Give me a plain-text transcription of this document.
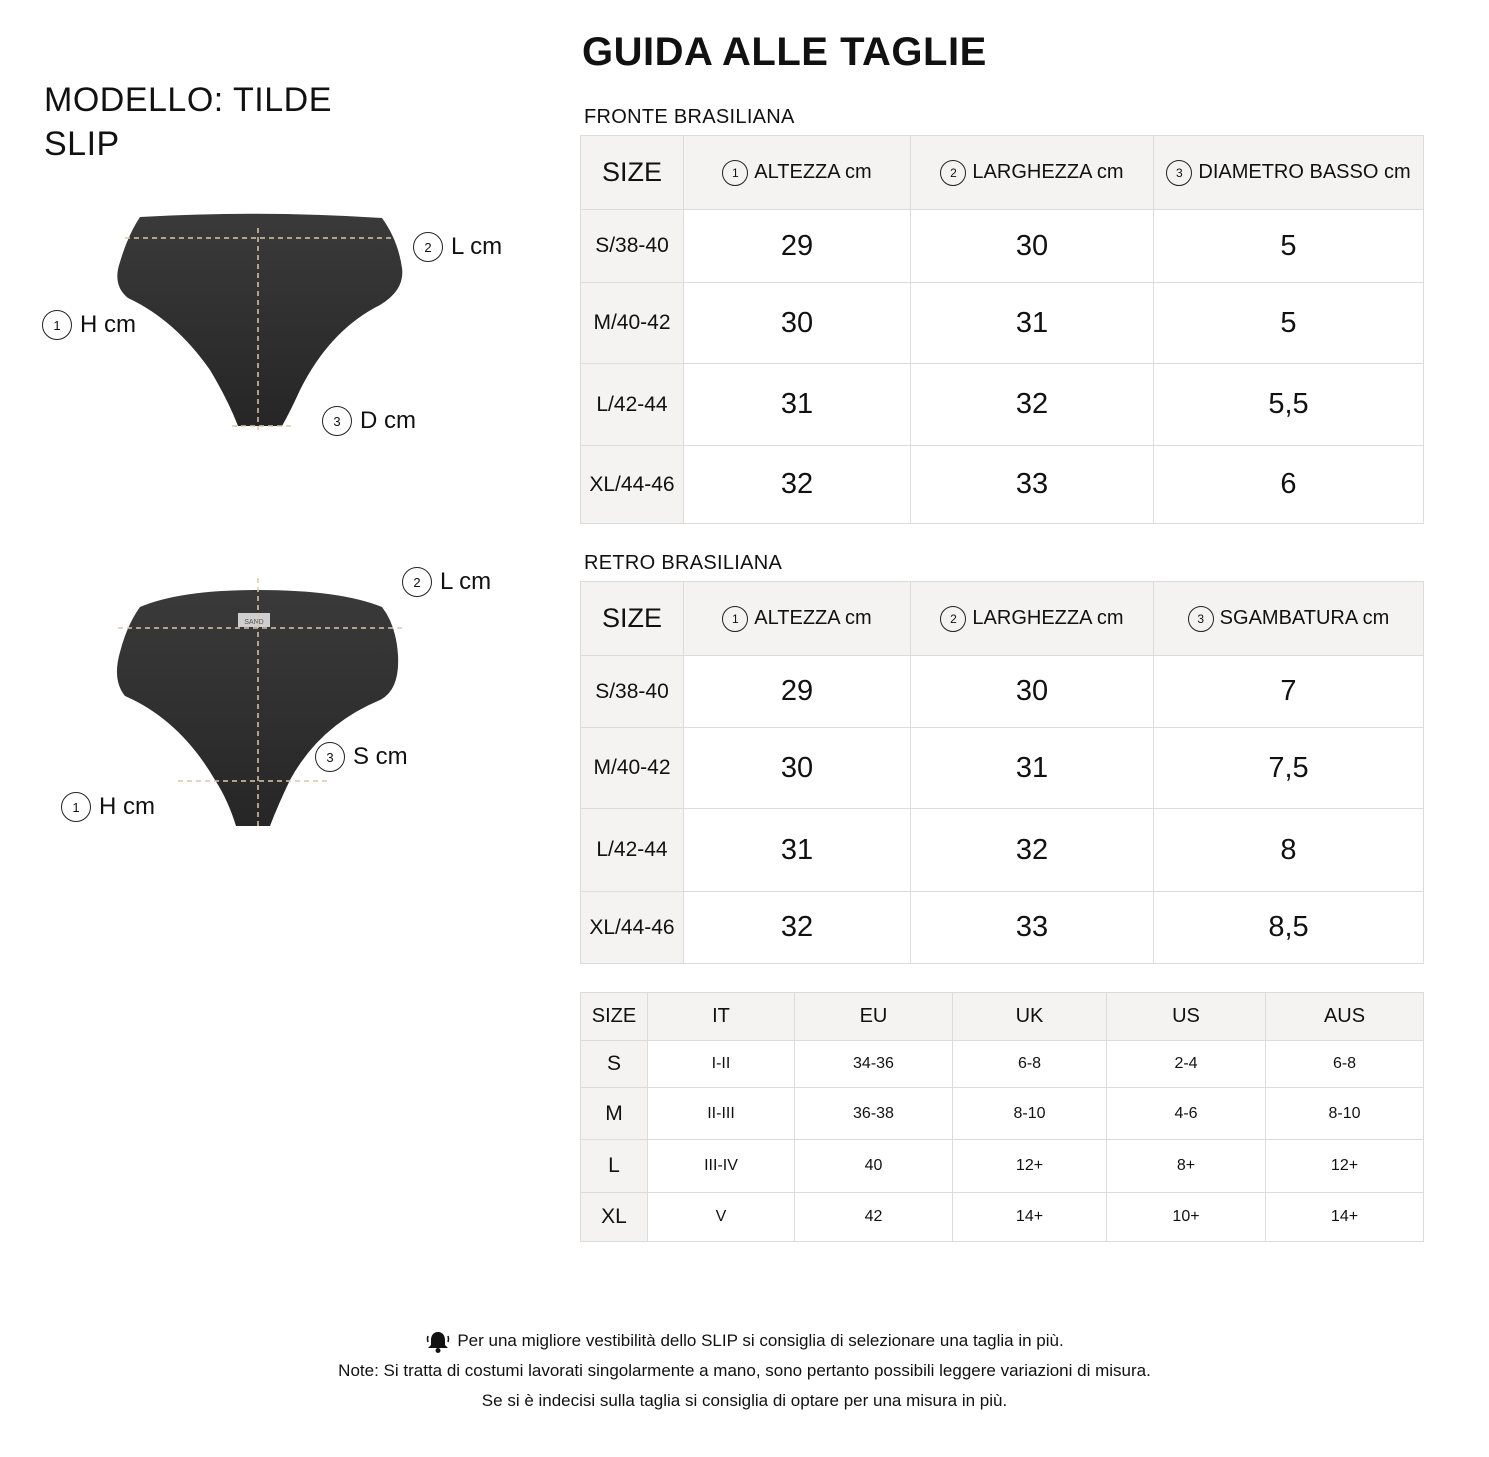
MODELLO: TILDE
SLIP
GUIDA ALLE TAGLIE
SAND
2 L cm
1 H cm
3 D cm
2 L cm
3 S cm
1 H cm
FRONTE BRASILIANA
SIZE	1 ALTEZZA cm	2 LARGHEZZA cm	3 DIAMETRO BASSO cm

S/38-40	29	30	5
M/40-42	30	31	5
L/42-44	31	32	5,5
XL/44-46	32	33	6
RETRO BRASILIANA
SIZE	1 ALTEZZA cm	2 LARGHEZZA cm	3 SGAMBATURA cm

S/38-40	29	30	7
M/40-42	30	31	7,5
L/42-44	31	32	8
XL/44-46	32	33	8,5
SIZE	IT	EU	UK	US	AUS
S	I-II	34-36	6-8	2-4	6-8
M	II-III	36-38	8-10	4-6	8-10
L	III-IV	40	12+	8+	12+
XL	V	42	14+	10+	14+
Per una migliore vestibilità dello SLIP si consiglia di selezionare una taglia in più.
Note: Si tratta di costumi lavorati singolarmente a mano, sono pertanto possibili leggere variazioni di misura.
Se si è indecisi sulla taglia si consiglia di optare per una misura in più.
